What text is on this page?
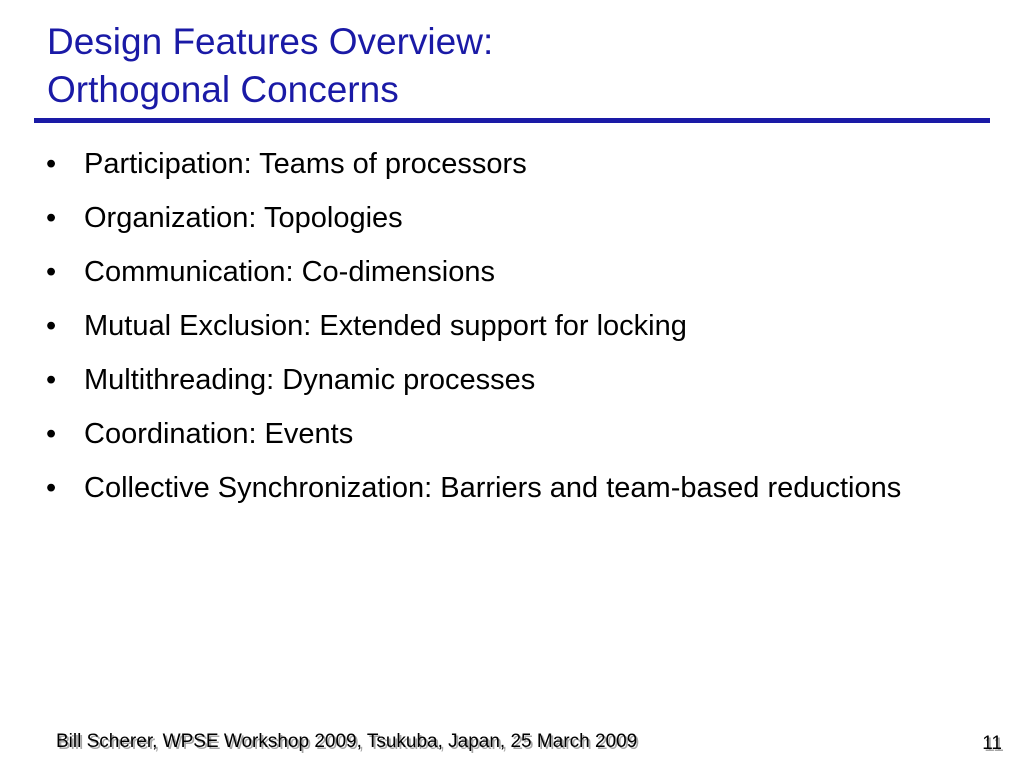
Design Features Overview:
Orthogonal Concerns
• Participation: Teams of processors
• Organization: Topologies
• Communication: Co-dimensions
• Mutual Exclusion: Extended support for locking
• Multithreading: Dynamic processes
• Coordination: Events
• Collective Synchronization: Barriers and team-based reductions
Bill Scherer, WPSE Workshop 2009, Tsukuba, Japan, 25 March 2009	11
